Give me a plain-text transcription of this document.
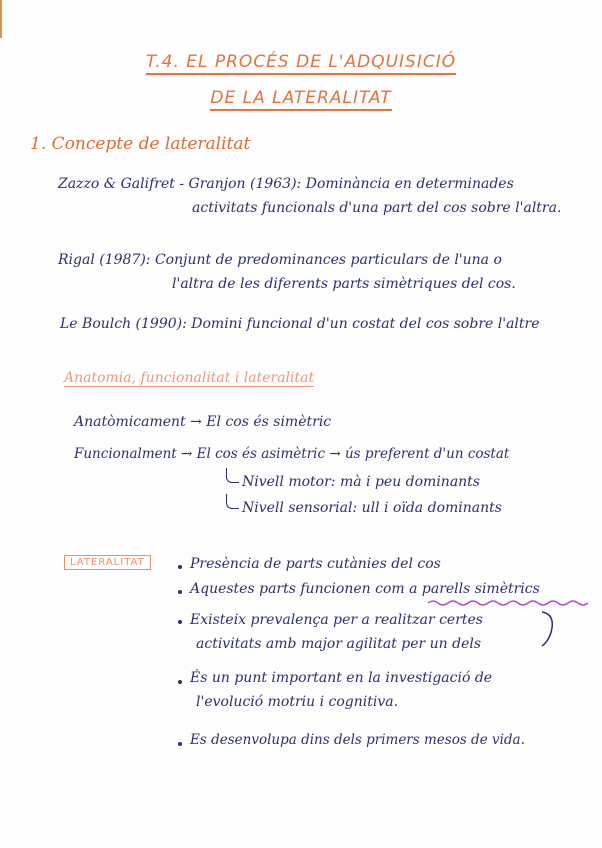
T.4. EL PROCÉS DE L'ADQUISICIÓ
DE LA LATERALITAT
1. Concepte de lateralitat
Zazzo & Galifret - Granjon (1963): Dominància en determinades
activitats funcionals d'una part del cos sobre l'altra.
Rigal (1987): Conjunt de predominances particulars de l'una o
l'altra de les diferents parts simètriques del cos.
Le Boulch (1990): Domini funcional d'un costat del cos sobre l'altre
Anatomia, funcionalitat i lateralitat
Anatòmicament → El cos és simètric
Funcionalment → El cos és asimètric → ús preferent d'un costat
Nivell motor: mà i peu dominants
Nivell sensorial: ull i oïda dominants
LATERALITAT	Presència de parts cutànies del cos
Aquestes parts funcionen com a parells simètrics
Existeix prevalença per a realitzar certes
activitats amb major agilitat per un dels
És un punt important en la investigació de
l'evolució motriu i cognitiva.
Es desenvolupa dins dels primers mesos de vida.
